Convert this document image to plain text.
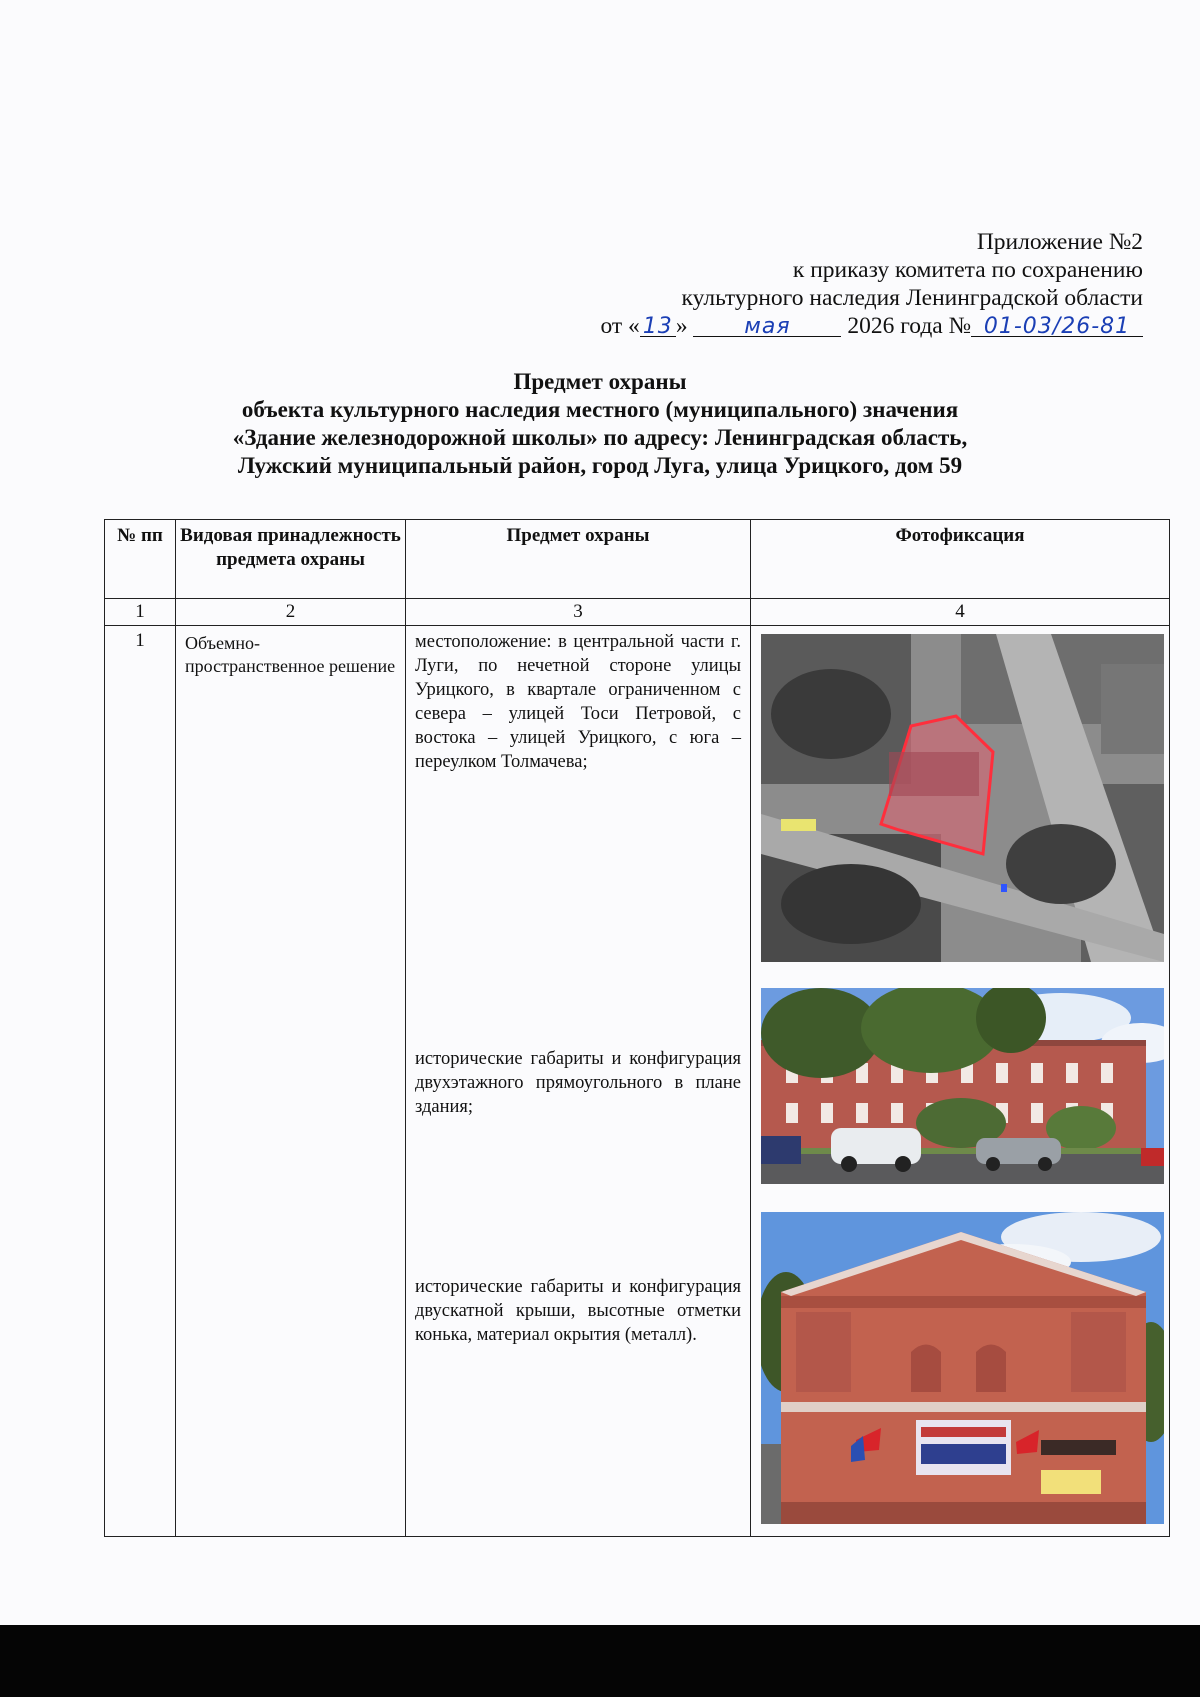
Приложение №2
к приказу комитета по сохранению
культурного наследия Ленинградской области
от « 13 »	мая 2026 года № 01-03/26-81
Предмет охраны
объекта культурного наследия местного (муниципального) значения
«Здание железнодорожной школы» по адресу: Ленинградская область,
Лужский муниципальный район, город Луга, улица Урицкого, дом 59
№ пп	Видовая принадлежность предмета охраны	Предмет охраны	Фотофиксация
1	2	3	4
1	Объемно-пространственное решение	местоположение: в центральной части г. Луги, по нечетной стороне улицы Урицкого, в квартале ограниченном с севера – улицей Тоси Петровой, с востока – улицей Урицкого, с юга – переулком Толмачева;

исторические габариты и конфигурация двухэтажного прямоугольного в плане здания;

исторические габариты и конфигурация двускатной крыши, высотные отметки конька, материал окрытия (металл).
